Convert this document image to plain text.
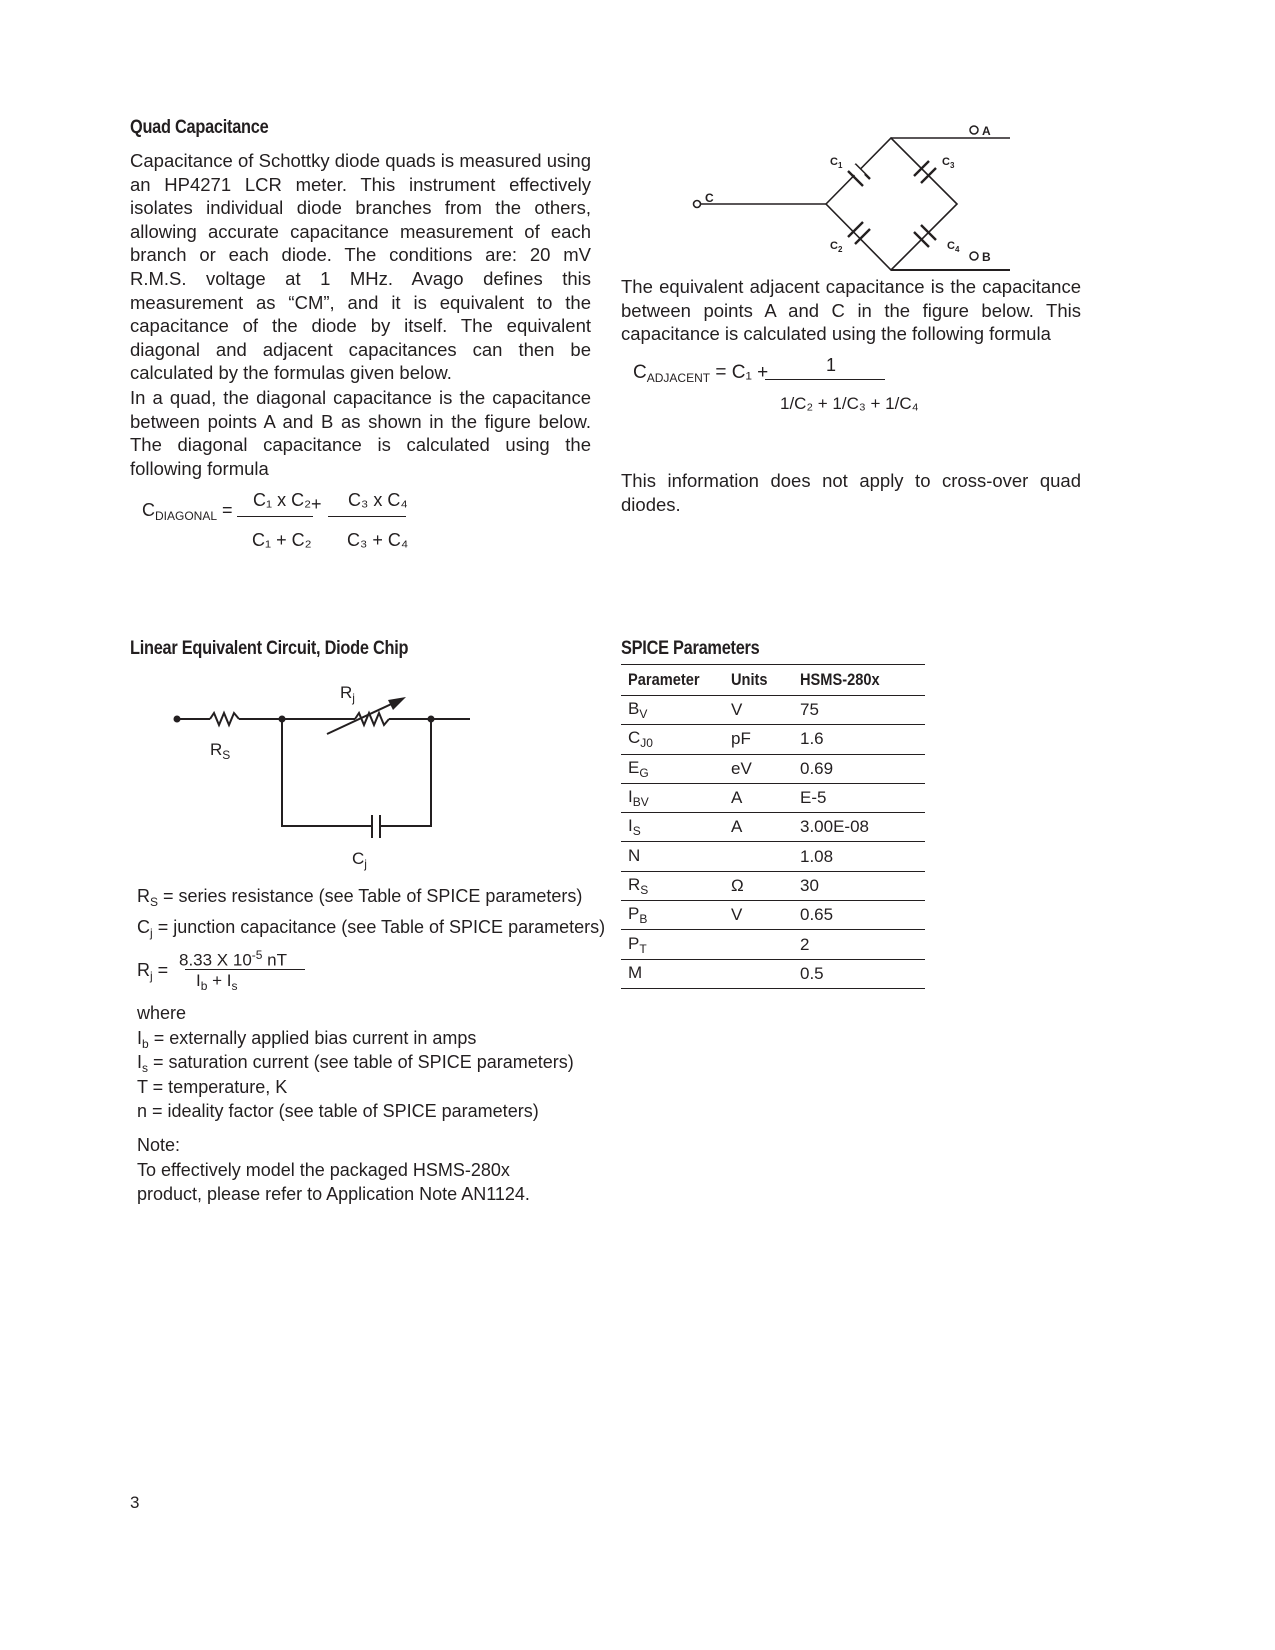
Quad Capacitance
Capacitance of Schottky diode quads is measured using an HP4271 LCR meter. This instrument effectively isolates individual diode branches from the others, allowing accurate capacitance measurement of each branch or each diode. The conditions are: 20 mV R.M.S. voltage at 1 MHz. Avago defines this measurement as “CM”, and it is equivalent to the capacitance of the diode by itself. The equivalent diagonal and adjacent capacitances can then be calculated by the formulas given below.
In a quad, the diagonal capacitance is the capacitance between points A and B as shown in the figure below. The diagonal capacitance is calculated using the following formula
$C_{DIAGONAL} = C_1$ x C₂ + C₃ x C₄
C₁ + C₂ C₃ + C₄
C
$C_1$	$C_3$
$C_2$	$C_4$
A
B
The equivalent adjacent capacitance is the capacitance between points A and C in the figure below. This capacitance is calculated using the following formula
$C_{ADJACENT} = C_1$ +	1
1/C₂ + 1/C₃ + 1/C₄
This information does not apply to cross-over quad diodes.
Linear Equivalent Circuit, Diode Chip
$R_S$
$R_j$
$C_j$
$R_S$ = series resistance (see Table of SPICE parameters)
$C_j$ = junction capacitance (see Table of SPICE parameters)
$R_j = 8.33$ X $10^{-5}$ nT
$I_b + I_s$
where
$I_b$ = externally applied bias current in amps
$I_s$ = saturation current (see table of SPICE parameters)
T = temperature, K
n = ideality factor (see table of SPICE parameters)
Note:
To effectively model the packaged HSMS-280x product, please refer to Application Note AN1124.
SPICE Parameters
Parameter	Units	HSMS-280x
$B_V$	V	75
$C_{J0}$	pF	1.6
$E_G$	eV	0.69
$I_{BV}$	A	E-5
$I_S$	A	3.00E-08
N		1.08
$R_S$	Ω	30
$P_B$	V	0.65
$P_T$		2
M		0.5
3
